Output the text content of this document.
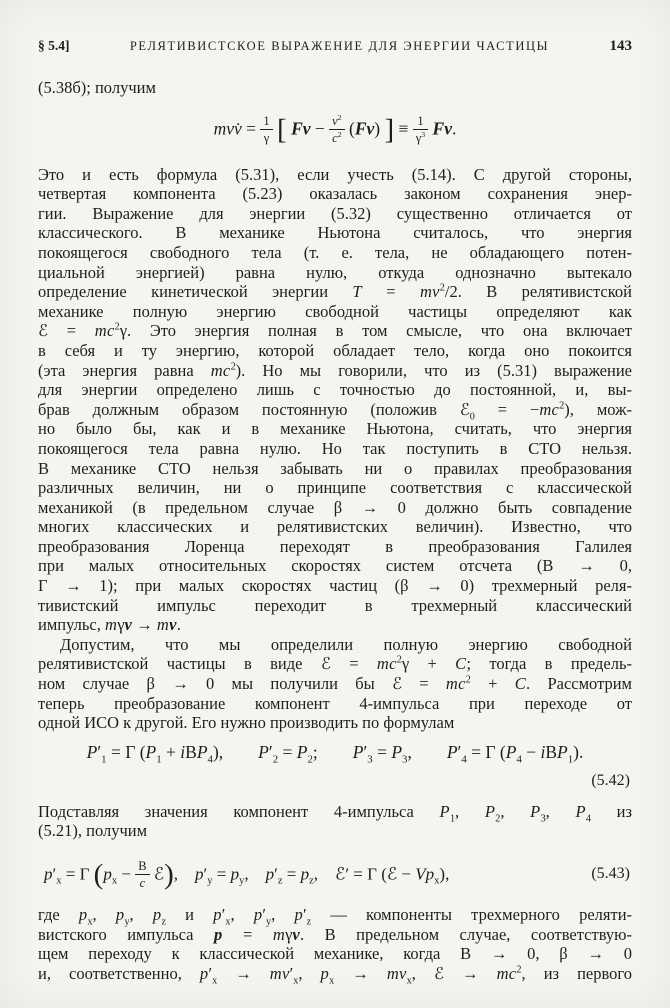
§ 5.4]	РЕЛЯТИВИСТСКОЕ ВЫРАЖЕНИЕ ДЛЯ ЭНЕРГИИ ЧАСТИЦЫ	143
(5.38б); получим
mvv̇ = $\frac{1}{\gamma}$ [ $Fv - \frac{v^2}{c^2} (Fv)$ ] ≡ $\frac{1}{\gamma^3} Fv$.
Это и есть формула (5.31), если учесть (5.14). С другой стороны,
четвертая компонента (5.23) оказалась законом сохранения энер-
гии. Выражение для энергии (5.32) существенно отличается от
классического. В механике Ньютона считалось, что энергия
покоящегося свободного тела (т. е. тела, не обладающего потен-
циальной энергией) равна нулю, откуда однозначно вытекало
определение кинетической энергии $T = mv^2/2$. В релятивистской
механике полную энергию свободной частицы определяют как
ℰ = $mc^2\gamma$. Это энергия полная в том смысле, что она включает
в себя и ту энергию, которой обладает тело, когда оно покоится
(эта энергия равна $mc^2$). Но мы говорили, что из (5.31) выражение
для энергии определено лишь с точностью до постоянной, и, вы-
брав должным образом постоянную (положив ℰ$_0$ = $-mc^2$), мож-
но было бы, как и в механике Ньютона, считать, что энергия
покоящегося тела равна нулю. Но так поступить в СТО нельзя.
В механике СТО нельзя забывать ни о правилах преобразования
различных величин, ни о принципе соответствия с классической
механикой (в предельном случае β → 0 должно быть совпадение
многих классических и релятивистских величин). Известно, что
преобразования Лоренца переходят в преобразования Галилея
при малых относительных скоростях систем отсчета (B → 0,
Γ → 1); при малых скоростях частиц (β → 0) трехмерный реля-
тивистский импульс переходит в трехмерный классический
импульс, mγv → mv.
Допустим, что мы определили полную энергию свободной
релятивистской частицы в виде ℰ = $mc^2\gamma + C$; тогда в предель-
ном случае β → 0 мы получили бы ℰ = $mc^2 + C$. Рассмотрим
теперь преобразование компонент 4-импульса при переходе от
одной ИСО к другой. Его нужно производить по формулам
$P'_1 = \Gamma$ $(P_1 + iBP_4)$,  $P'_2 = P_2$;  $P'_3 = P_3$,  $P'_4 = \Gamma$ $(P_4 - iBP_1)$.
(5.42)
Подставляя значения компонент 4-импульса $P_1$, $P_2$, $P_3$, $P_4$ из
(5.21), получим
$p'_x = \Gamma$ ($p_x - \frac{B}{c}$ ℰ), $p'_y = p_y$, $p'_z = p_z$, ℰ′ = Γ (ℰ − $Vp_x$),	(5.43)
где $p_x$, $p_y$, $p_z$ и $p'_x$, $p'_y$, $p'_z$ — компоненты трехмерного реляти-
вистского импульса p = mγv. В предельном случае, соответствую-
щем переходу к классической механике, когда B → 0, β → 0
и, соответственно, $p'_x \to mv'_x$, $p_x \to mv_x$, ℰ → $mc^2$, из первого
